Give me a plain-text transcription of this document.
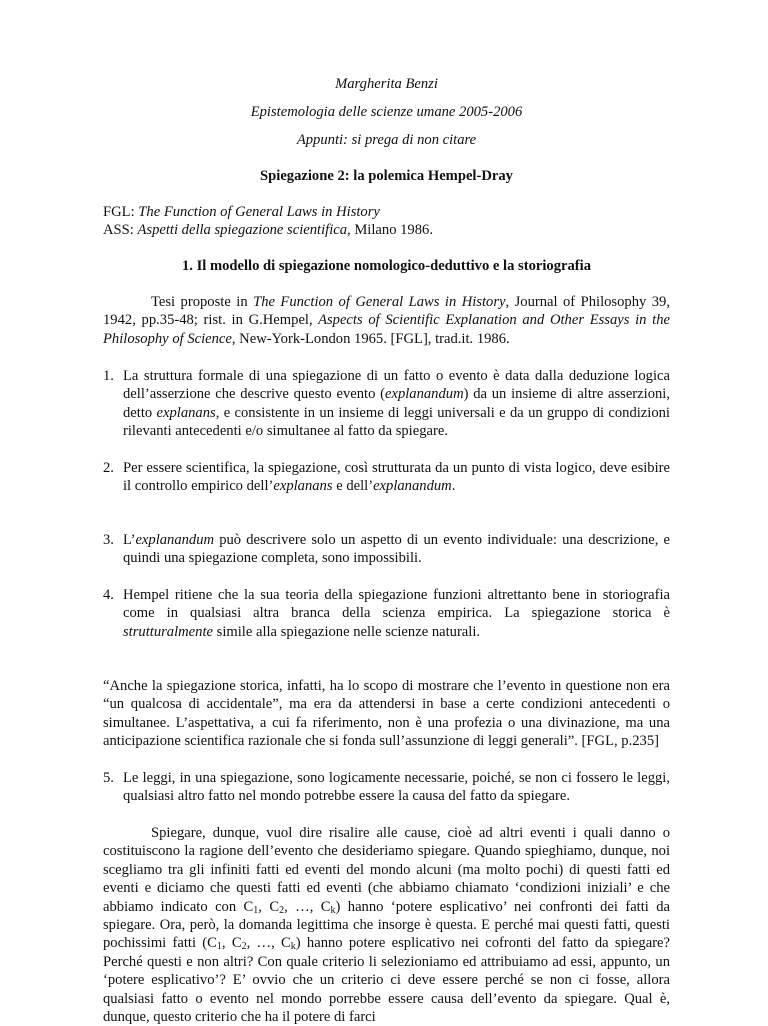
Margherita Benzi
Epistemologia delle scienze umane 2005-2006
Appunti: si prega di non citare
Spiegazione 2: la polemica Hempel-Dray
FGL: The Function of General Laws in History
ASS: Aspetti della spiegazione scientifica, Milano 1986.
1. Il modello di spiegazione nomologico-deduttivo e la storiografia
Tesi proposte in The Function of General Laws in History, Journal of Philosophy 39, 1942, pp.35-48; rist. in G.Hempel, Aspects of Scientific Explanation and Other Essays in the Philosophy of Science, New-York-London 1965. [FGL], trad.it. 1986.
1. La struttura formale di una spiegazione di un fatto o evento è data dalla deduzione logica dell’asserzione che descrive questo evento (explanandum) da un insieme di altre asserzioni, detto explanans, e consistente in un insieme di leggi universali e da un gruppo di condizioni rilevanti antecedenti e/o simultanee al fatto da spiegare.
2. Per essere scientifica, la spiegazione, così strutturata da un punto di vista logico, deve esibire il controllo empirico dell’explanans e dell’explanandum.
3. L’explanandum può descrivere solo un aspetto di un evento individuale: una descrizione, e quindi una spiegazione completa, sono impossibili.
4. Hempel ritiene che la sua teoria della spiegazione funzioni altrettanto bene in storiografia come in qualsiasi altra branca della scienza empirica. La spiegazione storica è strutturalmente simile alla spiegazione nelle scienze naturali.
“Anche la spiegazione storica, infatti, ha lo scopo di mostrare che l’evento in questione non era “un qualcosa di accidentale”, ma era da attendersi in base a certe condizioni antecedenti o simultanee. L’aspettativa, a cui fa riferimento, non è una profezia o una divinazione, ma una anticipazione scientifica razionale che si fonda sull’assunzione di leggi generali”. [FGL, p.235]
5. Le leggi, in una spiegazione, sono logicamente necessarie, poiché, se non ci fossero le leggi, qualsiasi altro fatto nel mondo potrebbe essere la causa del fatto da spiegare.
Spiegare, dunque, vuol dire risalire alle cause, cioè ad altri eventi i quali danno o costituiscono la ragione dell’evento che desideriamo spiegare. Quando spieghiamo, dunque, noi scegliamo tra gli infiniti fatti ed eventi del mondo alcuni (ma molto pochi) di questi fatti ed eventi e diciamo che questi fatti ed eventi (che abbiamo chiamato ‘condizioni iniziali’ e che abbiamo indicato con $C_1$, $C_2$, …, $C_k$) hanno ‘potere esplicativo’ nei confronti dei fatti da spiegare. Ora, però, la domanda legittima che insorge è questa. E perché mai questi fatti, questi pochissimi fatti ($C_1$, $C_2$, …, $C_k$) hanno potere esplicativo nei cofronti del fatto da spiegare? Perché questi e non altri? Con quale criterio li selezioniamo ed attribuiamo ad essi, appunto, un ‘potere esplicativo’? E’ ovvio che un criterio ci deve essere perché se non ci fosse, allora qualsiasi fatto o evento nel mondo porrebbe essere causa dell’evento da spiegare. Qual è, dunque, questo criterio che ha il potere di farci
